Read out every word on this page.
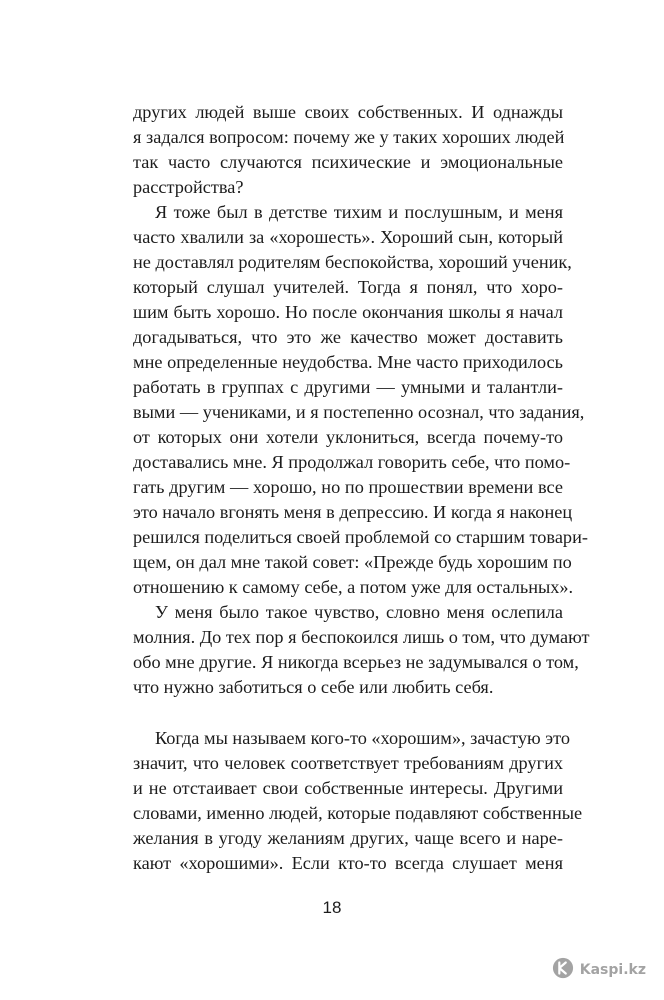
других людей выше своих собственных. И однажды
я задался вопросом: почему же у таких хороших людей
так часто случаются психические и эмоциональные
расстройства?
Я тоже был в детстве тихим и послушным, и меня
часто хвалили за «хорошесть». Хороший сын, который
не доставлял родителям беспокойства, хороший ученик,
который слушал учителей. Тогда я понял, что хоро-
шим быть хорошо. Но после окончания школы я начал
догадываться, что это же качество может доставить
мне определенные неудобства. Мне часто приходилось
работать в группах с другими — умными и талантли-
выми — учениками, и я постепенно осознал, что задания,
от которых они хотели уклониться, всегда почему-то
доставались мне. Я продолжал говорить себе, что помо-
гать другим — хорошо, но по прошествии времени все
это начало вгонять меня в депрессию. И когда я наконец
решился поделиться своей проблемой со старшим товари-
щем, он дал мне такой совет: «Прежде будь хорошим по
отношению к самому себе, а потом уже для остальных».
У меня было такое чувство, словно меня ослепила
молния. До тех пор я беспокоился лишь о том, что думают
обо мне другие. Я никогда всерьез не задумывался о том,
что нужно заботиться о себе или любить себя.
Когда мы называем кого-то «хорошим», зачастую это
значит, что человек соответствует требованиям других
и не отстаивает свои собственные интересы. Другими
словами, именно людей, которые подавляют собственные
желания в угоду желаниям других, чаще всего и наре-
кают «хорошими». Если кто-то всегда слушает меня
18
Kaspi.kz
